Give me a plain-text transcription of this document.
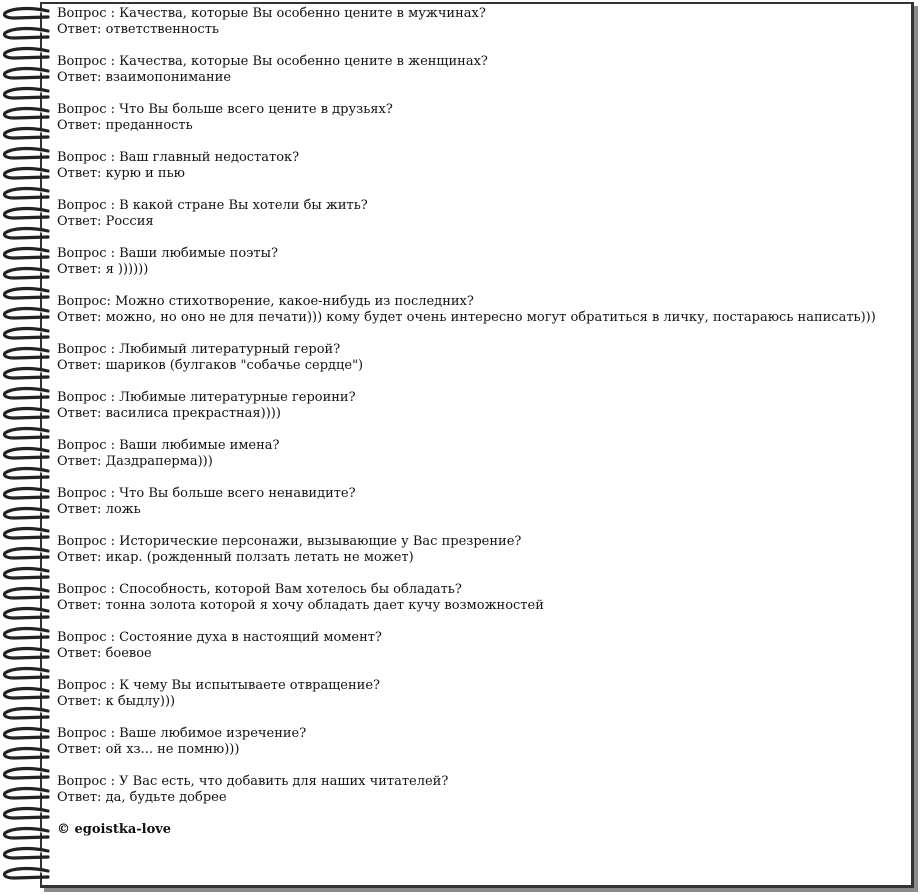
Вопрос : Качества, которые Вы особенно цените в мужчинах?

Ответ: ответственность

Вопрос : Качества, которые Вы особенно цените в женщинах?

Ответ: взаимопонимание

Вопрос : Что Вы больше всего цените в друзьях?

Ответ: преданность

Вопрос : Ваш главный недостаток?

Ответ: курю и пью

Вопрос : В какой стране Вы хотели бы жить?

Ответ: Россия

Вопрос : Ваши любимые поэты?

Ответ: я ))))))

Вопрос: Можно стихотворение, какое-нибудь из последних?

Ответ: можно, но оно не для печати))) кому будет очень интересно могут обратиться в личку, постараюсь написать)))

Вопрос : Любимый литературный герой?

Ответ: шариков (булгаков "собачье сердце")

Вопрос : Любимые литературные героини?

Ответ: василиса прекрастная))))

Вопрос : Ваши любимые имена?

Ответ: Даздраперма)))

Вопрос : Что Вы больше всего ненавидите?

Ответ: ложь

Вопрос : Исторические персонажи, вызывающие у Вас презрение?

Ответ: икар. (рожденный ползать летать не может)

Вопрос : Способность, которой Вам хотелось бы обладать?

Ответ: тонна золота которой я хочу обладать дает кучу возможностей

Вопрос : Состояние духа в настоящий момент?

Ответ: боевое

Вопрос : К чему Вы испытываете отвращение?

Ответ: к быдлу)))

Вопрос : Ваше любимое изречение?

Ответ: ой хз... не помню)))

Вопрос : У Вас есть, что добавить для наших читателей?

Ответ: да, будьте добрее

© egoistka-love
